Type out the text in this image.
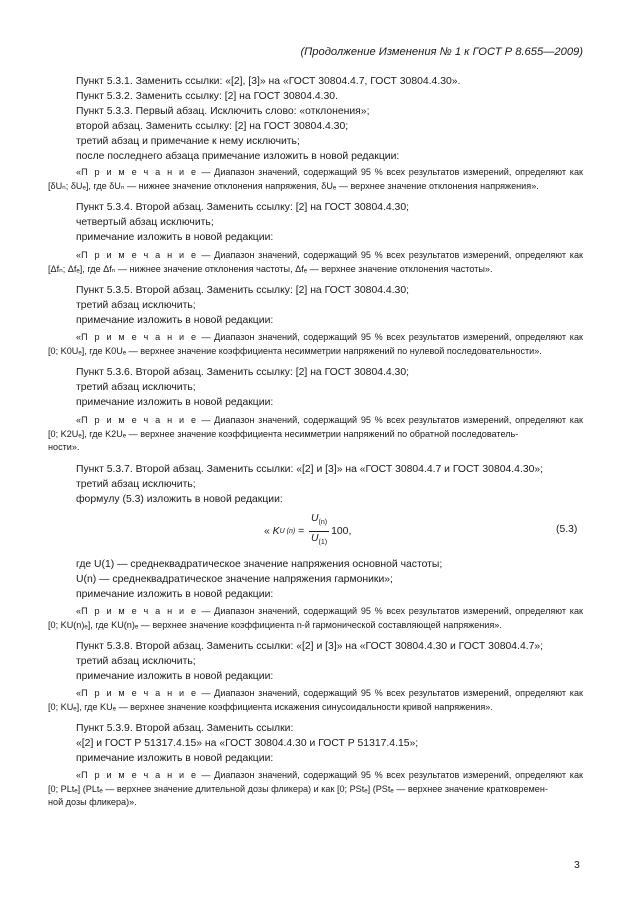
(Продолжение Изменения № 1 к ГОСТ Р 8.655—2009)
Пункт 5.3.1. Заменить ссылки: «[2], [3]» на «ГОСТ 30804.4.7, ГОСТ 30804.4.30».
Пункт 5.3.2. Заменить ссылку: [2] на ГОСТ 30804.4.30.
Пункт 5.3.3. Первый абзац. Исключить слово: «отклонения»;
второй абзац. Заменить ссылку: [2] на ГОСТ 30804.4.30;
третий абзац и примечание к нему исключить;
после последнего абзаца примечание изложить в новой редакции:

«П р и м е ч а н и е — Диапазон значений, содержащий 95 % всех результатов измерений, определяют как

[δUₙ; δUₑ], где δUₙ — нижнее значение отклонения напряжения, δUₑ — верхнее значение отклонения напряжения».

Пункт 5.3.4. Второй абзац. Заменить ссылку: [2] на ГОСТ 30804.4.30;
четвертый абзац исключить;
примечание изложить в новой редакции:

«П р и м е ч а н и е — Диапазон значений, содержащий 95 % всех результатов измерений, определяют как

[Δfₙ; Δfₑ], где Δfₙ — нижнее значение отклонения частоты, Δfₑ — верхнее значение отклонения частоты».

Пункт 5.3.5. Второй абзац. Заменить ссылку: [2] на ГОСТ 30804.4.30;
третий абзац исключить;
примечание изложить в новой редакции:

«П р и м е ч а н и е — Диапазон значений, содержащий 95 % всех результатов измерений, определяют как

[0; K0Uₑ], где K0Uₑ — верхнее значение коэффициента несимметрии напряжений по нулевой последовательности».

Пункт 5.3.6. Второй абзац. Заменить ссылку: [2] на ГОСТ 30804.4.30;
третий абзац исключить;
примечание изложить в новой редакции:

«П р и м е ч а н и е — Диапазон значений, содержащий 95 % всех результатов измерений, определяют как

[0; K2Uₑ], где K2Uₑ — верхнее значение коэффициента несимметрии напряжений по обратной последователь-

ности».

Пункт 5.3.7. Второй абзац. Заменить ссылки: «[2] и [3]» на «ГОСТ 30804.4.7 и ГОСТ 30804.4.30»;
третий абзац исключить;
формулу (5.3) изложить в новой редакции:
«
K U (n)
=
$\frac{U_{(n)}}{U_{(1)}} 100$,	(5.3)
где U(1) — среднеквадратическое значение напряжения основной частоты;
U(n) — среднеквадратическое значение напряжения гармоники»;
примечание изложить в новой редакции:

«П р и м е ч а н и е — Диапазон значений, содержащий 95 % всех результатов измерений, определяют как

[0; KU(n)ₑ], где KU(n)ₑ — верхнее значение коэффициента n-й гармонической составляющей напряжения».

Пункт 5.3.8. Второй абзац. Заменить ссылки: «[2] и [3]» на «ГОСТ 30804.4.30 и ГОСТ 30804.4.7»;
третий абзац исключить;
примечание изложить в новой редакции:

«П р и м е ч а н и е — Диапазон значений, содержащий 95 % всех результатов измерений, определяют как

[0; KUₑ], где KUₑ — верхнее значение коэффициента искажения синусоидальности кривой напряжения».

Пункт 5.3.9. Второй абзац. Заменить ссылки:
«[2] и ГОСТ Р 51317.4.15» на «ГОСТ 30804.4.30 и ГОСТ Р 51317.4.15»;
примечание изложить в новой редакции:

«П р и м е ч а н и е — Диапазон значений, содержащий 95 % всех результатов измерений, определяют как

[0; PLtₑ] (PLtₑ — верхнее значение длительной дозы фликера) и как [0; PStₑ] (PStₑ — верхнее значение кратковремен-

ной дозы фликера)».

3
